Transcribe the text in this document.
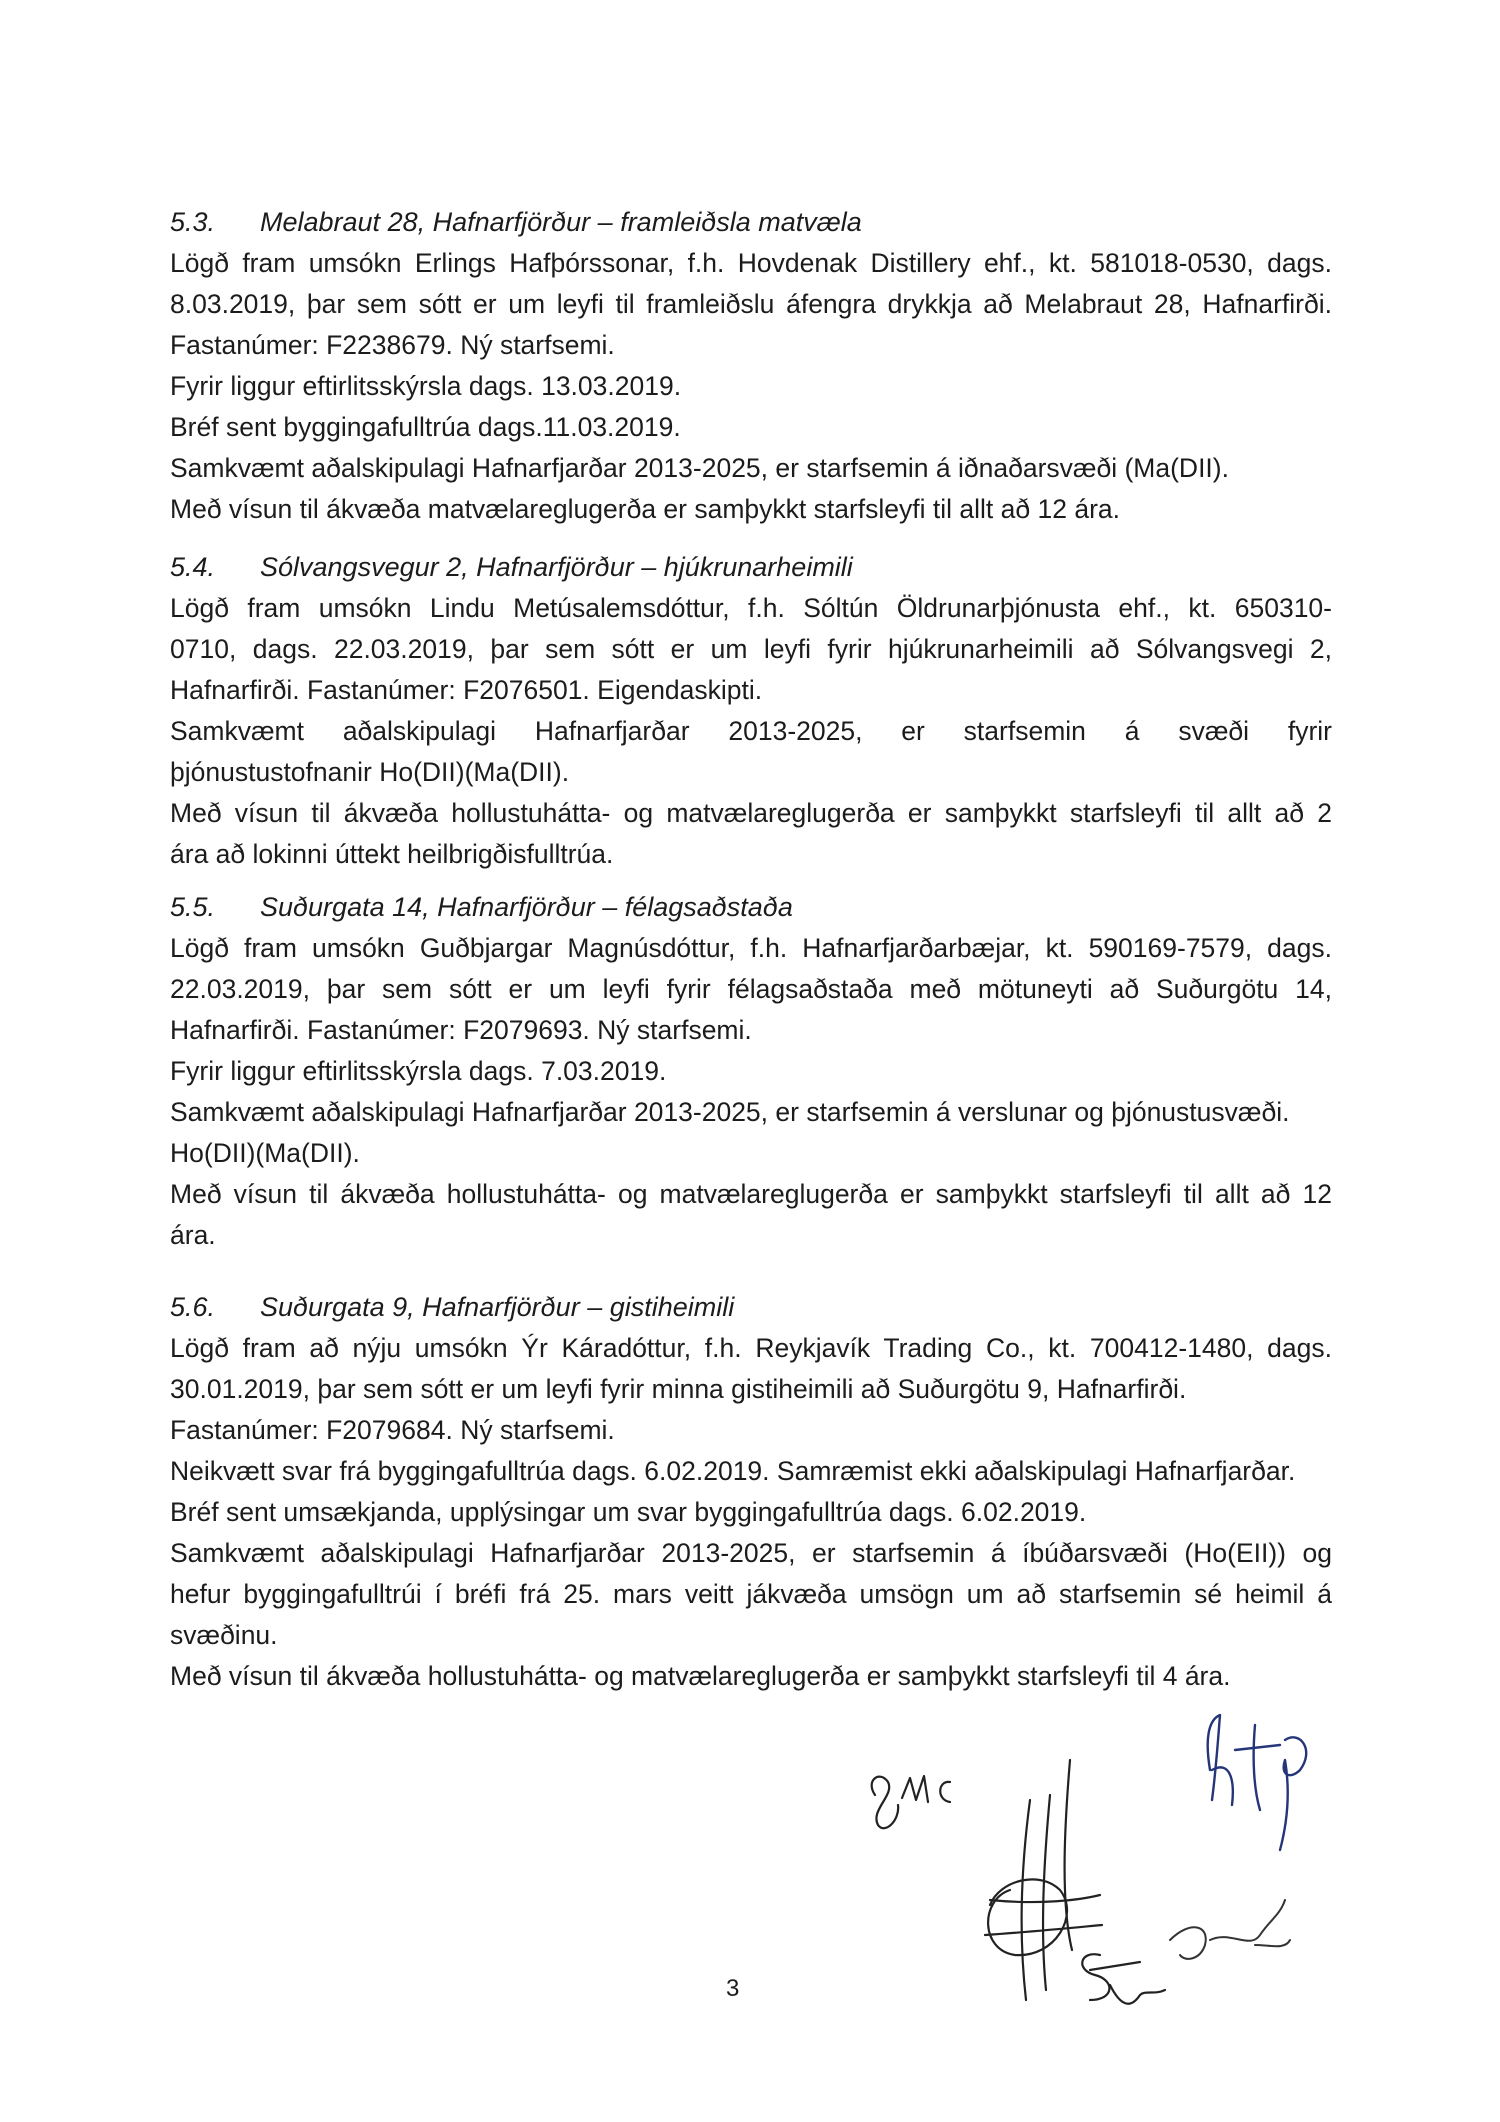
5.3. Melabraut 28, Hafnarfjörður – framleiðsla matvæla
Lögð fram umsókn Erlings Hafþórssonar, f.h. Hovdenak Distillery ehf., kt. 581018-0530, dags.
8.03.2019, þar sem sótt er um leyfi til framleiðslu áfengra drykkja að Melabraut 28, Hafnarfirði.
Fastanúmer: F2238679. Ný starfsemi.
Fyrir liggur eftirlitsskýrsla dags. 13.03.2019.
Bréf sent byggingafulltrúa dags.11.03.2019.
Samkvæmt aðalskipulagi Hafnarfjarðar 2013-2025, er starfsemin á iðnaðarsvæði (Ma(DII).
Með vísun til ákvæða matvælareglugerða er samþykkt starfsleyfi til allt að 12 ára.
5.4. Sólvangsvegur 2, Hafnarfjörður – hjúkrunarheimili
Lögð fram umsókn Lindu Metúsalemsdóttur, f.h. Sóltún Öldrunarþjónusta ehf., kt. 650310-
0710, dags. 22.03.2019, þar sem sótt er um leyfi fyrir hjúkrunarheimili að Sólvangsvegi 2,
Hafnarfirði. Fastanúmer: F2076501. Eigendaskipti.
Samkvæmt aðalskipulagi Hafnarfjarðar 2013-2025, er starfsemin á svæði fyrir
þjónustustofnanir Ho(DII)(Ma(DII).
Með vísun til ákvæða hollustuhátta- og matvælareglugerða er samþykkt starfsleyfi til allt að 2
ára að lokinni úttekt heilbrigðisfulltrúa.
5.5. Suðurgata 14, Hafnarfjörður – félagsaðstaða
Lögð fram umsókn Guðbjargar Magnúsdóttur, f.h. Hafnarfjarðarbæjar, kt. 590169-7579, dags.
22.03.2019, þar sem sótt er um leyfi fyrir félagsaðstaða með mötuneyti að Suðurgötu 14,
Hafnarfirði. Fastanúmer: F2079693. Ný starfsemi.
Fyrir liggur eftirlitsskýrsla dags. 7.03.2019.
Samkvæmt aðalskipulagi Hafnarfjarðar 2013-2025, er starfsemin á verslunar og þjónustusvæði.
Ho(DII)(Ma(DII).
Með vísun til ákvæða hollustuhátta- og matvælareglugerða er samþykkt starfsleyfi til allt að 12
ára.
5.6. Suðurgata 9, Hafnarfjörður – gistiheimili
Lögð fram að nýju umsókn Ýr Káradóttur, f.h. Reykjavík Trading Co., kt. 700412-1480, dags.
30.01.2019, þar sem sótt er um leyfi fyrir minna gistiheimili að Suðurgötu 9, Hafnarfirði.
Fastanúmer: F2079684. Ný starfsemi.
Neikvætt svar frá byggingafulltrúa dags. 6.02.2019. Samræmist ekki aðalskipulagi Hafnarfjarðar.
Bréf sent umsækjanda, upplýsingar um svar byggingafulltrúa dags. 6.02.2019.
Samkvæmt aðalskipulagi Hafnarfjarðar 2013-2025, er starfsemin á íbúðarsvæði (Ho(EII)) og
hefur byggingafulltrúi í bréfi frá 25. mars veitt jákvæða umsögn um að starfsemin sé heimil á
svæðinu.
Með vísun til ákvæða hollustuhátta- og matvælareglugerða er samþykkt starfsleyfi til 4 ára.
3
